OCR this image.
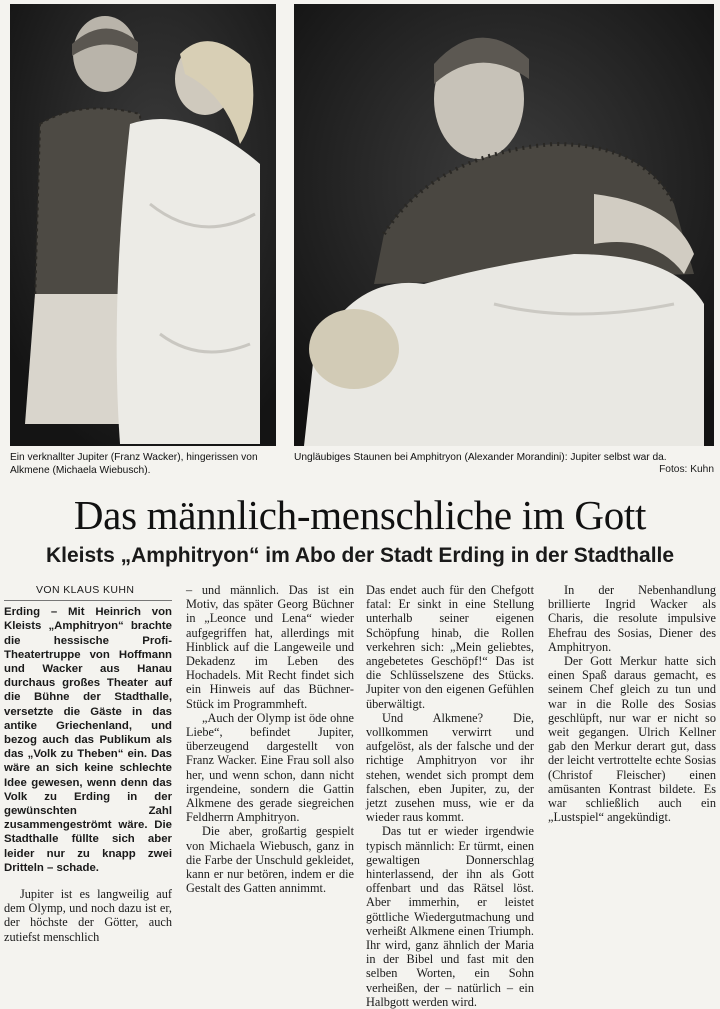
Ein verknallter Jupiter (Franz Wacker), hingerissen von Alkmene (Michaela Wiebusch).
Ungläubiges Staunen bei Amphitryon (Alexander Morandini): Jupiter selbst war da.
Fotos: Kuhn
Das männlich-menschliche im Gott
Kleists „Amphitryon“ im Abo der Stadt Erding in der Stadthalle
VON KLAUS KUHN

Erding – Mit Heinrich von Kleists „Amphitryon“ brachte die hessische Profi-Theatertruppe von Hoffmann und Wacker aus Hanau durchaus großes Theater auf die Bühne der Stadthalle, versetzte die Gäste in das antike Griechenland, und bezog auch das Publikum als das „Volk zu Theben“ ein. Das wäre an sich keine schlechte Idee gewesen, wenn denn das Volk zu Erding in der gewünschten Zahl zusammengeströmt wäre. Die Stadthalle füllte sich aber leider nur zu knapp zwei Dritteln – schade.

Jupiter ist es langweilig auf dem Olymp, und noch dazu ist er, der höchste der Götter, auch zutiefst menschlich

– und männlich. Das ist ein Motiv, das später Georg Büchner in „Leonce und Lena“ wieder aufgegriffen hat, allerdings mit Hinblick auf die Langeweile und Dekadenz im Leben des Hochadels. Mit Recht findet sich ein Hinweis auf das Büchner-Stück im Programmheft.

„Auch der Olymp ist öde ohne Liebe“, befindet Jupiter, überzeugend dargestellt von Franz Wacker. Eine Frau soll also her, und wenn schon, dann nicht irgendeine, sondern die Gattin Alkmene des gerade siegreichen Feldherrn Amphitryon.

Die aber, großartig gespielt von Michaela Wiebusch, ganz in die Farbe der Unschuld gekleidet, kann er nur betören, indem er die Gestalt des Gatten annimmt.

Das endet auch für den Chefgott fatal: Er sinkt in eine Stellung unterhalb seiner eigenen Schöpfung hinab, die Rollen verkehren sich: „Mein geliebtes, angebetetes Geschöpf!“ Das ist die Schlüsselszene des Stücks. Jupiter von den eigenen Gefühlen überwältigt.

Und Alkmene? Die, vollkommen verwirrt und aufgelöst, als der falsche und der richtige Amphitryon vor ihr stehen, wendet sich prompt dem falschen, eben Jupiter, zu, der jetzt zusehen muss, wie er da wieder raus kommt.

Das tut er wieder irgendwie typisch männlich: Er türmt, einen gewaltigen Donnerschlag hinterlassend, der ihn als Gott offenbart und das Rätsel löst. Aber immerhin, er leistet göttliche Wiedergutmachung und verheißt Alkmene einen Triumph. Ihr wird, ganz ähnlich der Maria in der Bibel und fast mit den selben Worten, ein Sohn verheißen, der – natürlich – ein Halbgott werden wird.

In der Nebenhandlung brillierte Ingrid Wacker als Charis, die resolute impulsive Ehefrau des Sosias, Diener des Amphitryon.

Der Gott Merkur hatte sich einen Spaß daraus gemacht, es seinem Chef gleich zu tun und war in die Rolle des Sosias geschlüpft, nur war er nicht so weit gegangen. Ulrich Kellner gab den Merkur derart gut, dass der leicht vertrottelte echte Sosias (Christof Fleischer) einen amüsanten Kontrast bildete. Es war schließlich auch ein „Lustspiel“ angekündigt.
